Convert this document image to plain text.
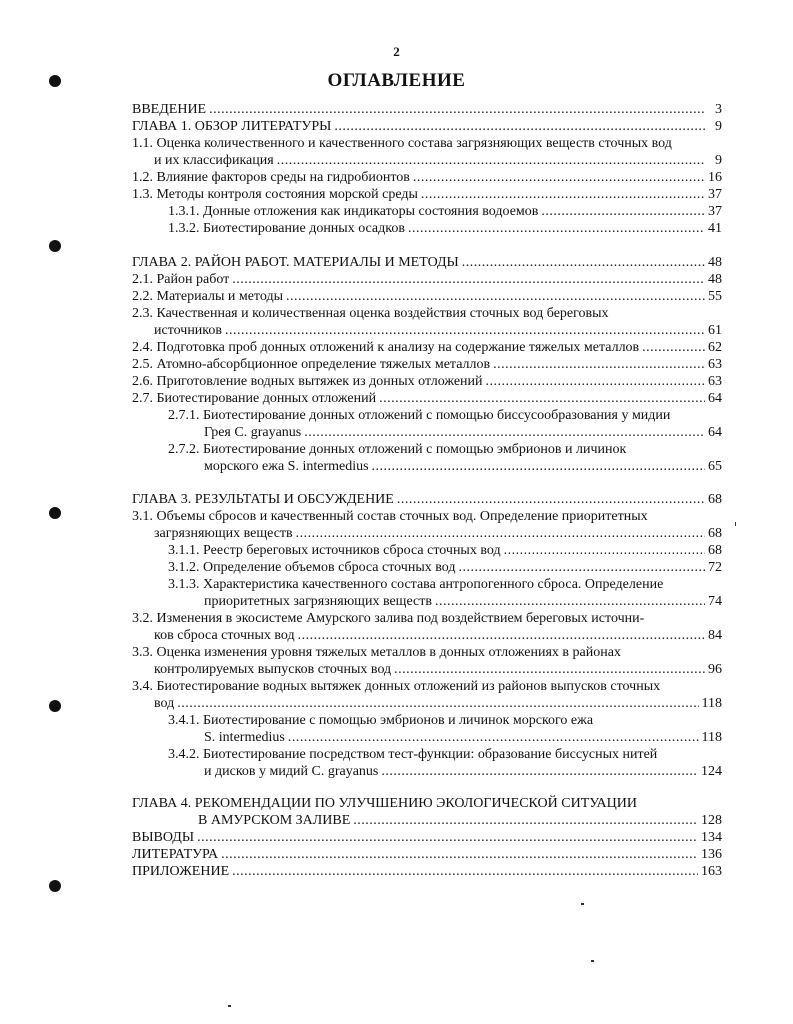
2
ОГЛАВЛЕНИЕ
ВВЕДЕНИЕ .....	3
ГЛАВА 1. ОБЗОР ЛИТЕРАТУРЫ .....	9
1.1. Оценка количественного и качественного состава загрязняющих веществ сточных вод
и их классификация .....	9
1.2. Влияние факторов среды на гидробионтов .....	16
1.3. Методы контроля состояния морской среды .....	37
1.3.1. Донные отложения как индикаторы состояния водоемов .....	37
1.3.2. Биотестирование донных осадков .....	41
ГЛАВА 2. РАЙОН РАБОТ. МАТЕРИАЛЫ И МЕТОДЫ .....	48
2.1. Район работ .....	48
2.2. Материалы и методы .....	55
2.3. Качественная и количественная оценка воздействия сточных вод береговых
источников .....	61
2.4. Подготовка проб донных отложений к анализу на содержание тяжелых металлов .....	62
2.5. Атомно-абсорбционное определение тяжелых металлов .....	63
2.6. Приготовление водных вытяжек из донных отложений .....	63
2.7. Биотестирование донных отложений .....	64
2.7.1. Биотестирование донных отложений с помощью биссусообразования у мидии
Грея C. grayanus .....	64
2.7.2. Биотестирование донных отложений с помощью эмбрионов и личинок
морского ежа S. intermedius .....	65
ГЛАВА 3. РЕЗУЛЬТАТЫ И ОБСУЖДЕНИЕ .....	68
3.1. Объемы сбросов и качественный состав сточных вод. Определение приоритетных
загрязняющих веществ .....	68
3.1.1. Реестр береговых источников сброса сточных вод .....	68
3.1.2. Определение объемов сброса сточных вод .....	72
3.1.3. Характеристика качественного состава антропогенного сброса. Определение
приоритетных загрязняющих веществ .....	74
3.2. Изменения в экосистеме Амурского залива под воздействием береговых источни-
ков сброса сточных вод .....	84
3.3. Оценка изменения уровня тяжелых металлов в донных отложениях в районах
контролируемых выпусков сточных вод .....	96
3.4. Биотестирование водных вытяжек донных отложений из районов выпусков сточных
вод .....	118
3.4.1. Биотестирование с помощью эмбрионов и личинок морского ежа
S. intermedius .....	118
3.4.2. Биотестирование посредством тест-функции: образование биссусных нитей
и дисков у мидий C. grayanus .....	124
ГЛАВА 4. РЕКОМЕНДАЦИИ ПО УЛУЧШЕНИЮ ЭКОЛОГИЧЕСКОЙ СИТУАЦИИ
В АМУРСКОМ ЗАЛИВЕ .....	128
ВЫВОДЫ .....	134
ЛИТЕРАТУРА .....	136
ПРИЛОЖЕНИЕ .....	163
